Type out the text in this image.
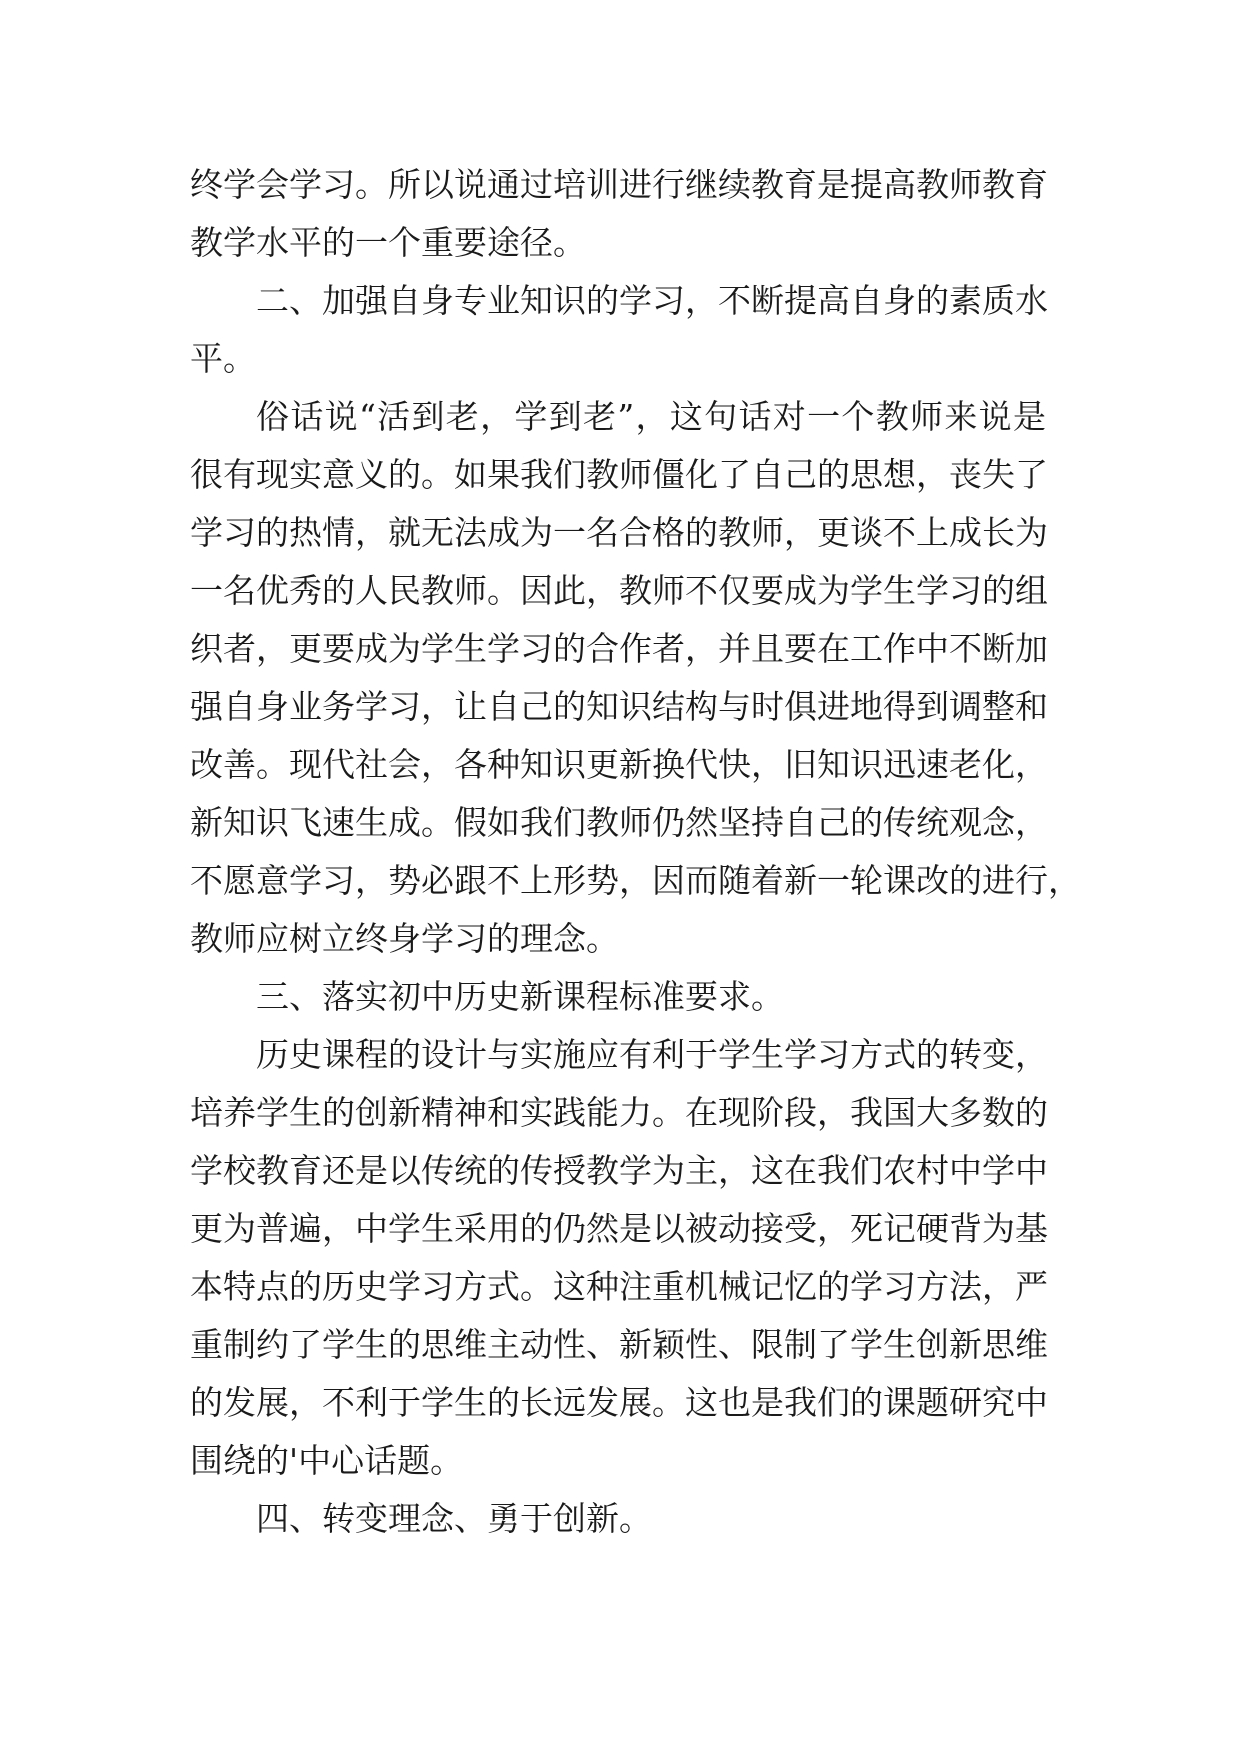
终学会学习。所以说通过培训进行继续教育是提高教师教育
教学水平的一个重要途径。
二、加强自身专业知识的学习，不断提高自身的素质水
平。
俗话说“活到老，学到老”，这句话对一个教师来说是
很有现实意义的。如果我们教师僵化了自己的思想，丧失了
学习的热情，就无法成为一名合格的教师，更谈不上成长为
一名优秀的人民教师。因此，教师不仅要成为学生学习的组
织者，更要成为学生学习的合作者，并且要在工作中不断加
强自身业务学习，让自己的知识结构与时俱进地得到调整和
改善。现代社会，各种知识更新换代快，旧知识迅速老化，
新知识飞速生成。假如我们教师仍然坚持自己的传统观念，
不愿意学习，势必跟不上形势，因而随着新一轮课改的进行，
教师应树立终身学习的理念。
三、落实初中历史新课程标准要求。
历史课程的设计与实施应有利于学生学习方式的转变，
培养学生的创新精神和实践能力。在现阶段，我国大多数的
学校教育还是以传统的传授教学为主，这在我们农村中学中
更为普遍，中学生采用的仍然是以被动接受，死记硬背为基
本特点的历史学习方式。这种注重机械记忆的学习方法，严
重制约了学生的思维主动性、新颖性、限制了学生创新思维
的发展，不利于学生的长远发展。这也是我们的课题研究中
围绕的'中心话题。
四、转变理念、勇于创新。
